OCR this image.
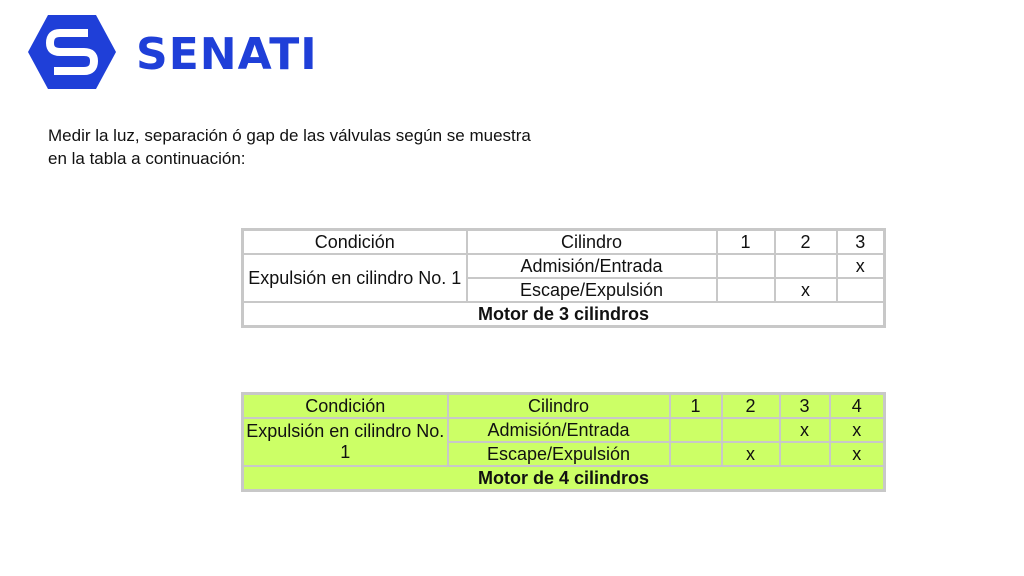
SENATI
Medir la luz, separación ó gap de las válvulas según se muestra en la tabla a continuación:
Condición	Cilindro	1	2	3
Expulsión en cilindro No. 1	Admisión/Entrada			x
	Escape/Expulsión		x	
Motor de 3 cilindros				
Condición	Cilindro	1	2	3	4
Expulsión en cilindro No. 1	Admisión/Entrada			x	x
	Escape/Expulsión		x		x
Motor de 4 cilindros					
